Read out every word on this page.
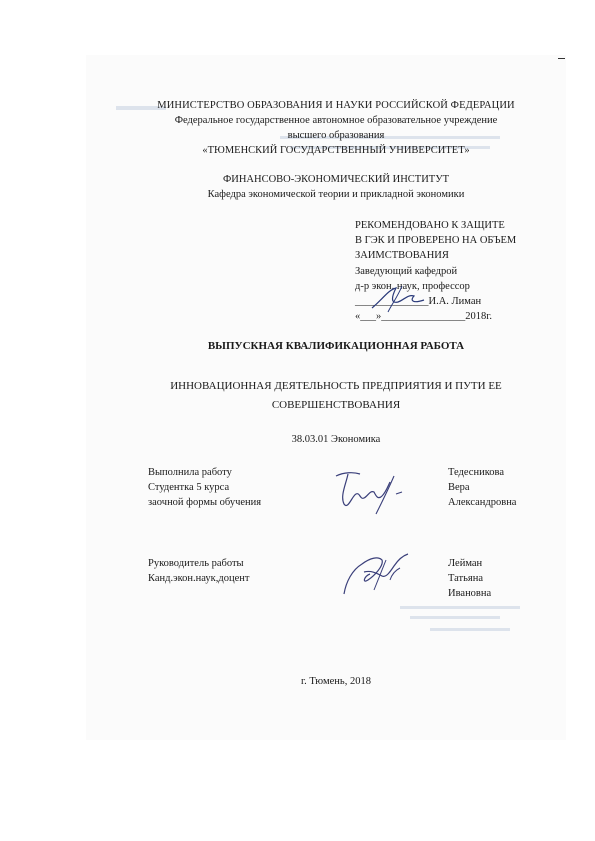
МИНИСТЕРСТВО ОБРАЗОВАНИЯ И НАУКИ РОССИЙСКОЙ ФЕДЕРАЦИИ
Федеральное государственное автономное образовательное учреждение
высшего образования
«ТЮМЕНСКИЙ ГОСУДАРСТВЕННЫЙ УНИВЕРСИТЕТ»
ФИНАНСОВО-ЭКОНОМИЧЕСКИЙ ИНСТИТУТ
Кафедра экономической теории и прикладной экономики
РЕКОМЕНДОВАНО К ЗАЩИТЕ
В ГЭК И ПРОВЕРЕНО НА ОБЪЕМ
ЗАИМСТВОВАНИЯ
Заведующий кафедрой
д-р экон. наук, профессор
______________И.А. Лиман
«___»________________2018г.
ВЫПУСКНАЯ КВАЛИФИКАЦИОННАЯ РАБОТА
ИННОВАЦИОННАЯ ДЕЯТЕЛЬНОСТЬ ПРЕДПРИЯТИЯ И ПУТИ ЕЕ
СОВЕРШЕНСТВОВАНИЯ
38.03.01 Экономика
Выполнила работу
Студентка 5 курса
заочной формы обучения
Тедесникова
Вера
Александровна
Руководитель работы
Канд.экон.наук,доцент
Лейман
Татьяна
Ивановна
г. Тюмень, 2018
